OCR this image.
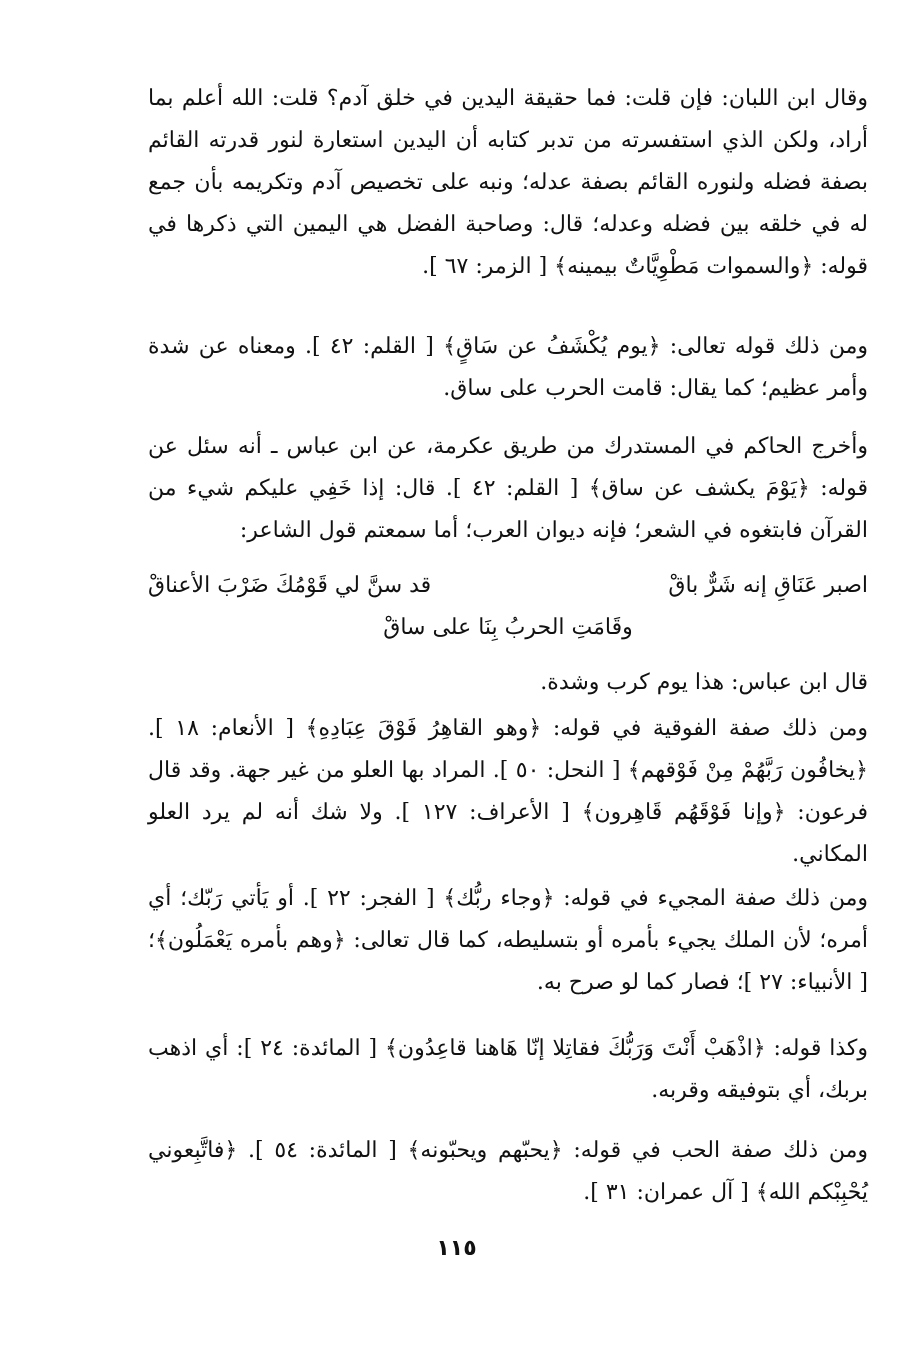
وقال ابن اللبان: فإن قلت: فما حقيقة اليدين في خلق آدم؟ قلت: الله أعلم بما أراد، ولكن الذي استفسرته من تدبر كتابه أن اليدين استعارة لنور قدرته القائم بصفة فضله ولنوره القائم بصفة عدله؛ ونبه على تخصيص آدم وتكريمه بأن جمع له في خلقه بين فضله وعدله؛ قال: وصاحبة الفضل هي اليمين التي ذكرها في قوله: ﴿والسموات مَطْوِيَّاتٌ بيمينه﴾ [ الزمر: ٦٧ ].

ومن ذلك قوله تعالى: ﴿يوم يُكْشَفُ عن سَاقٍ﴾ [ القلم: ٤٢ ]. ومعناه عن شدة وأمر عظيم؛ كما يقال: قامت الحرب على ساق.

وأخرج الحاكم في المستدرك من طريق عكرمة، عن ابن عباس ـ أنه سئل عن قوله: ﴿يَوْمَ يكشف عن ساق﴾ [ القلم: ٤٢ ]. قال: إذا خَفِي عليكم شيء من القرآن فابتغوه في الشعر؛ فإنه ديوان العرب؛ أما سمعتم قول الشاعر:

اصبر عَنَاقِ إنه شَرٌّ باقْ
قد سنَّ لي قَوْمُكَ ضَرْبَ الأعناقْ
وقَامَتِ الحربُ بِنَا على ساقْ

قال ابن عباس: هذا يوم كرب وشدة.

ومن ذلك صفة الفوقية في قوله: ﴿وهو القاهِرُ فَوْقَ عِبَادِهِ﴾ [ الأنعام: ١٨ ]. ﴿يخافُون رَبَّهُمْ مِنْ فَوْقهم﴾ [ النحل: ٥٠ ]. المراد بها العلو من غير جهة. وقد قال فرعون: ﴿وإنا فَوْقَهُم قَاهِرون﴾ [ الأعراف: ١٢٧ ]. ولا شك أنه لم يرد العلو المكاني.

ومن ذلك صفة المجيء في قوله: ﴿وجاء ربُّك﴾ [ الفجر: ٢٢ ]. أو يَأتي رَبّك؛ أي أمره؛ لأن الملك يجيء بأمره أو بتسليطه، كما قال تعالى: ﴿وهم بأمره يَعْمَلُون﴾؛ [ الأنبياء: ٢٧ ]؛ فصار كما لو صرح به.

وكذا قوله: ﴿اذْهَبْ أَنْتَ وَرَبُّكَ فقاتِلا إنّا هَاهنا قاعِدُون﴾ [ المائدة: ٢٤ ]: أي اذهب بربك، أي بتوفيقه وقربه.

ومن ذلك صفة الحب في قوله: ﴿يحبّهم ويحبّونه﴾ [ المائدة: ٥٤ ]. ﴿فاتَّبِعوني يُحْبِبْكم الله﴾ [ آل عمران: ٣١ ].

١١٥
